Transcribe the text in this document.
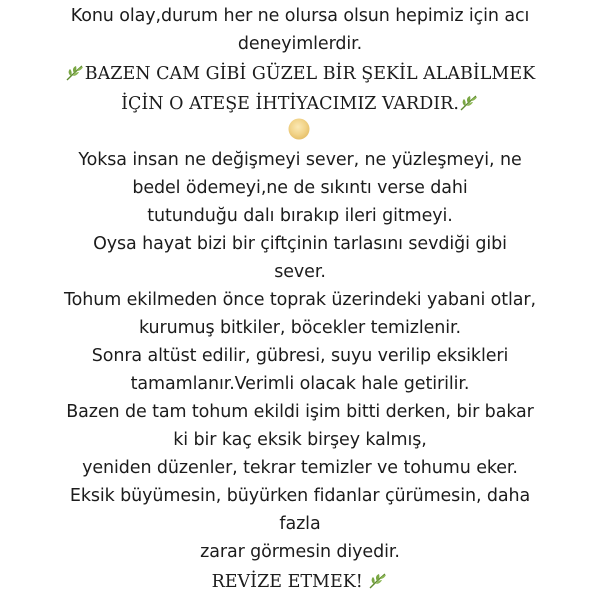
Konu olay,durum her ne olursa olsun hepimiz için acı
deneyimlerdir.
BAZEN CAM GİBİ GÜZEL BİR ŞEKİL ALABİLMEK
İÇİN O ATEŞE İHTİYACIMIZ VARDIR.
Yoksa insan ne değişmeyi sever, ne yüzleşmeyi, ne
bedel ödemeyi,ne de sıkıntı verse dahi
tutunduğu dalı bırakıp ileri gitmeyi.
Oysa hayat bizi bir çiftçinin tarlasını sevdiği gibi
sever.
Tohum ekilmeden önce toprak üzerindeki yabani otlar,
kurumuş bitkiler, böcekler temizlenir.
Sonra altüst edilir, gübresi, suyu verilip eksikleri
tamamlanır.Verimli olacak hale getirilir.
Bazen de tam tohum ekildi işim bitti derken, bir bakar
ki bir kaç eksik birşey kalmış,
yeniden düzenler, tekrar temizler ve tohumu eker.
Eksik büyümesin, büyürken fidanlar çürümesin, daha
fazla
zarar görmesin diyedir.
REVİZE ETMEK!
